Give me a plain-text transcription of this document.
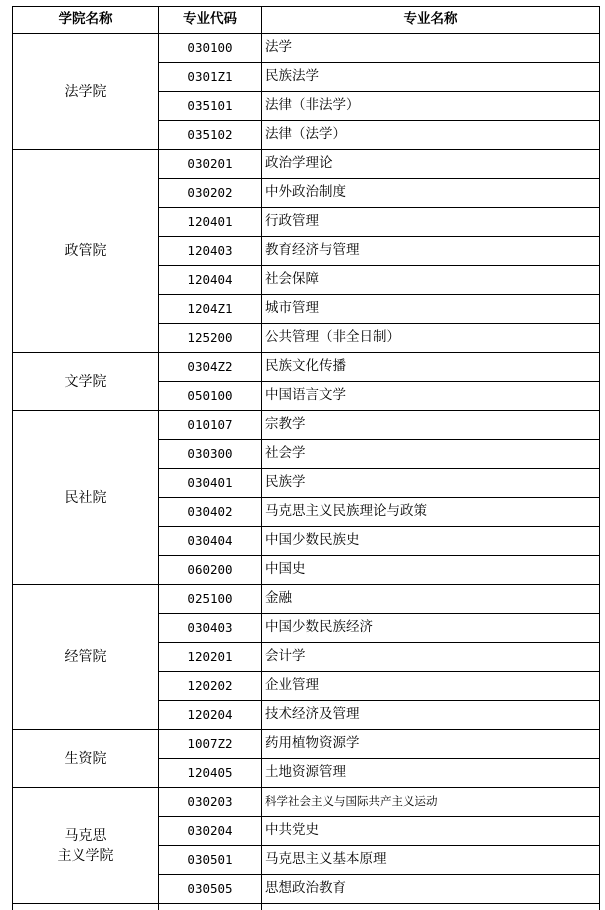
学院名称	专业代码	专业名称
法学院	030100	法学
	0301Z1	民族法学
	035101	法律（非法学）
	035102	法律（法学）
政管院	030201	政治学理论
	030202	中外政治制度
	120401	行政管理
	120403	教育经济与管理
	120404	社会保障
	1204Z1	城市管理
	125200	公共管理（非全日制）
文学院	0304Z2	民族文化传播
	050100	中国语言文学
民社院	010107	宗教学
	030300	社会学
	030401	民族学
	030402	马克思主义民族理论与政策
	030404	中国少数民族史
	060200	中国史
经管院	025100	金融
	030403	中国少数民族经济
	120201	会计学
	120202	企业管理
	120204	技术经济及管理
生资院	1007Z2	药用植物资源学
	120405	土地资源管理
马克思
主义学院	030203	科学社会主义与国际共产主义运动
	030204	中共党史
	030501	马克思主义基本原理
	030505	思想政治教育
